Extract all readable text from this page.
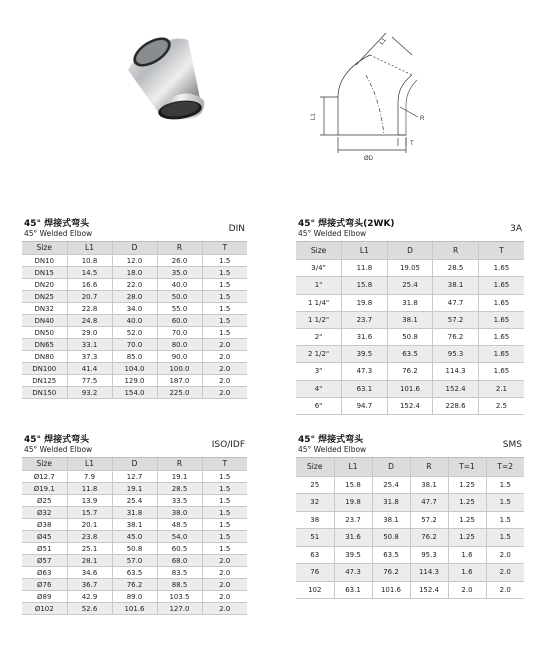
L1
L1	R
ØD
T
45° 焊接式弯头
45° Welded Elbow	DIN
Size	L1	D	R	T
DN10	10.8	12.0	26.0	1.5
DN15	14.5	18.0	35.0	1.5
DN20	16.6	22.0	40.0	1.5
DN25	20.7	28.0	50.0	1.5
DN32	22.8	34.0	55.0	1.5
DN40	24.8	40.0	60.0	1.5
DN50	29.0	52.0	70.0	1.5
DN65	33.1	70.0	80.0	2.0
DN80	37.3	85.0	90.0	2.0
DN100	41.4	104.0	100.0	2.0
DN125	77.5	129.0	187.0	2.0
DN150	93.2	154.0	225.0	2.0
45° 焊接式弯头(2WK)
45° Welded Elbow	3A
Size	L1	D	R	T
3/4"	11.8	19.05	28.5	1.65
1"	15.8	25.4	38.1	1.65
1 1/4"	19.8	31.8	47.7	1.65
1 1/2"	23.7	38.1	57.2	1.65
2"	31.6	50.8	76.2	1.65
2 1/2"	39.5	63.5	95.3	1.65
3"	47.3	76.2	114.3	1.65
4"	63.1	101.6	152.4	2.1
6"	94.7	152.4	228.6	2.5
45° 焊接式弯头
45° Welded Elbow	ISO/IDF
Size	L1	D	R	T
Ø12.7	7.9	12.7	19.1	1.5
Ø19.1	11.8	19.1	28.5	1.5
Ø25	13.9	25.4	33.5	1.5
Ø32	15.7	31.8	38.0	1.5
Ø38	20.1	38.1	48.5	1.5
Ø45	23.8	45.0	54.0	1.5
Ø51	25.1	50.8	60.5	1.5
Ø57	28.1	57.0	68.0	2.0
Ø63	34.6	63.5	83.5	2.0
Ø76	36.7	76.2	88.5	2.0
Ø89	42.9	89.0	103.5	2.0
Ø102	52.6	101.6	127.0	2.0
45° 焊接式弯头
45° Welded Elbow	SMS
Size	L1	D	R	T=1	T=2
25	15.8	25.4	38.1	1.25	1.5
32	19.8	31.8	47.7	1.25	1.5
38	23.7	38.1	57.2	1.25	1.5
51	31.6	50.8	76.2	1.25	1.5
63	39.5	63.5	95.3	1.6	2.0
76	47.3	76.2	114.3	1.6	2.0
102	63.1	101.6	152.4	2.0	2.0
